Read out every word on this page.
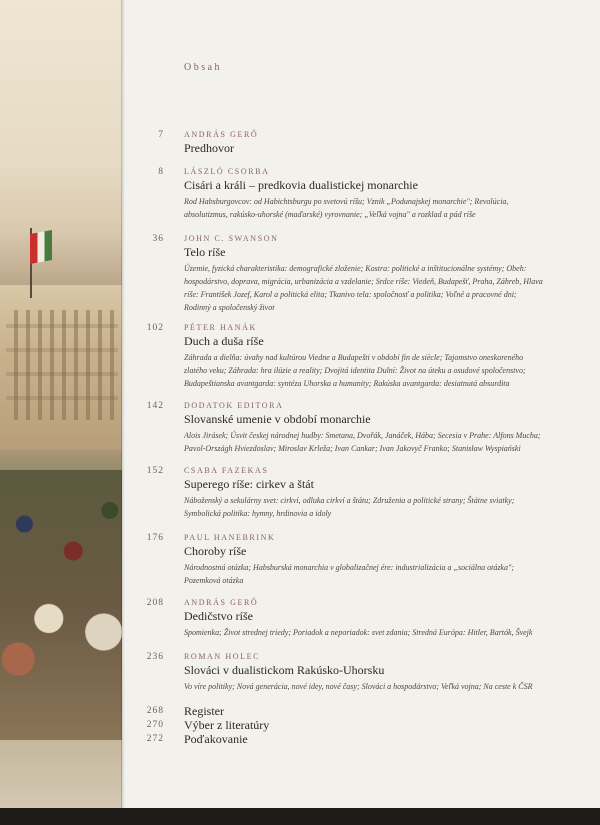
Obsah
7	ANDRÁS GERŐ
Predhovor
8	LÁSZLÓ CSORBA
Cisári a králi – predkovia dualistickej monarchie
Rod Habsburgovcov: od Habichtsburgu po svetovú ríšu; Vznik „Podunajskej monarchie"; Revolúcia, absolutizmus, rakúsko-uhorské (maďarské) vyrovnanie; „Veľká vojna" a rozklad a pád ríše
36	JOHN C. SWANSON
Telo ríše
Územie, fyzická charakteristika: demografické zloženie; Kostra: politické a inštitucionálne systémy; Obeh: hospodárstvo, doprava, migrácia, urbanizácia a vzdelanie; Srdce ríše: Viedeň, Budapešť, Praha, Záhreb, Hlava ríše: František Jozef, Karol a politická elita; Tkanivo tela: spoločnosť a politika; Voľné a pracovné dni; Rodinný a spoločenský život
102	PÉTER HANÁK
Duch a duša ríše
Záhrada a dielňa: úvahy nad kultúrou Viedne a Budapešti v období fin de siècle; Tajomstvo oneskoreného zlatého veku; Záhrada: hra ilúzie a reality; Dvojitá identita Dulní: Život na úteku a osudové spoločenstvo; Budapeštianska avantgarda: syntéza Uhorska a humanity; Rakúska avantgarda: desiatnutá absurdita
142	DODATOK EDITORA
Slovanské umenie v období monarchie
Alois Jirásek; Úsvit českej národnej hudby: Smetana, Dvořák, Janáček, Hába; Secesia v Prahe: Alfons Mucha; Pavol-Országh Hviezdoslav; Miroslav Krleža; Ivan Cankar; Ivan Jakovyč Franko; Stanisław Wyspiański
152	CSABA FAZEKAS
Superego ríše: cirkev a štát
Náboženský a sekulárny svet: cirkví, odluka cirkví a štátu; Združenia a politické strany; Štátne sviatky; Symbolická politika: hymny, hrdinovia a idoly
176	PAUL HANEBRINK
Choroby ríše
Národnostná otázka; Habsburská monarchia v globalizačnej ére: industrializácia a „sociálna otázka"; Pozemková otázka
208	ANDRÁS GERŐ
Dedičstvo ríše
Spomienka; Život strednej triedy; Poriadok a neporiadok: svet zdania; Stredná Európa: Hitler, Bartók, Švejk
236	ROMAN HOLEC
Slováci v dualistickom Rakúsko-Uhorsku
Vo víre politiky; Nová generácia, nové idey, nové časy; Slováci a hospodárstvo; Veľká vojna; Na ceste k ČSR
268 Register
270 Výber z literatúry
272 Poďakovanie
